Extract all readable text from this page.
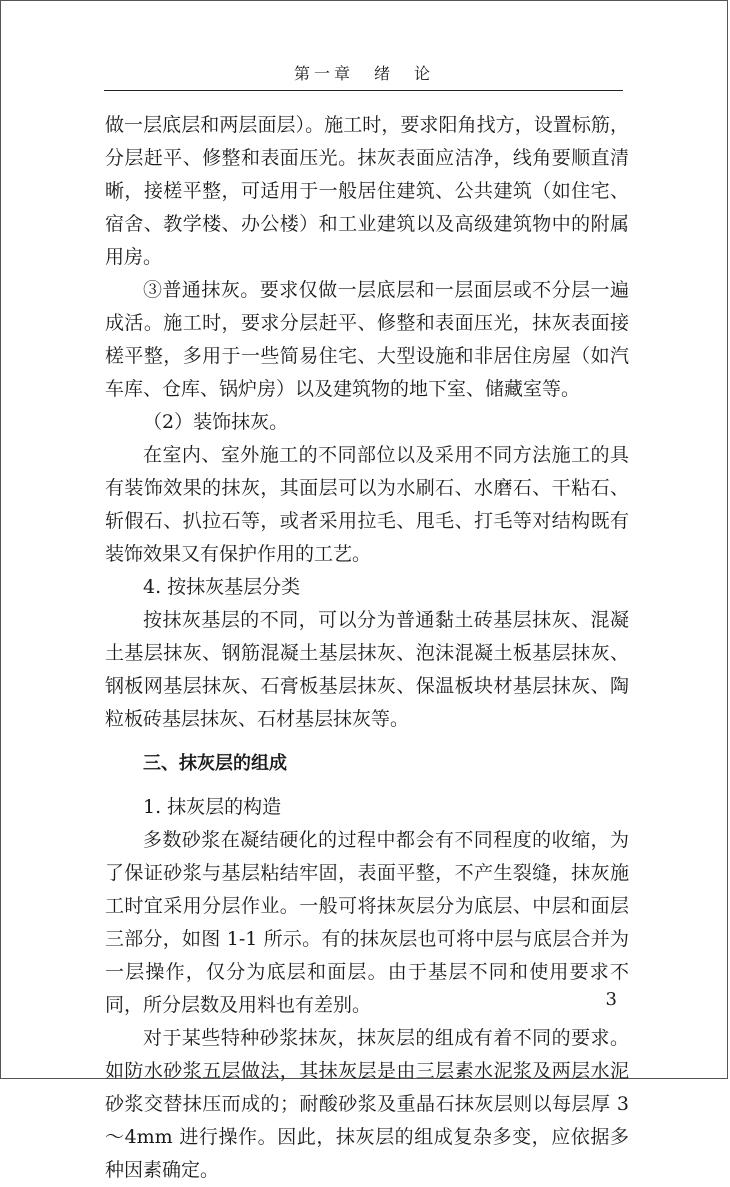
第一章　绪　论

做一层底层和两层面层）。施工时，要求阳角找方，设置标筋，分层赶平、修整和表面压光。抹灰表面应洁净，线角要顺直清晰，接槎平整，可适用于一般居住建筑、公共建筑（如住宅、宿舍、教学楼、办公楼）和工业建筑以及高级建筑物中的附属用房。

③普通抹灰。要求仅做一层底层和一层面层或不分层一遍成活。施工时，要求分层赶平、修整和表面压光，抹灰表面接槎平整，多用于一些简易住宅、大型设施和非居住房屋（如汽车库、仓库、锅炉房）以及建筑物的地下室、储藏室等。

（2）装饰抹灰。

在室内、室外施工的不同部位以及采用不同方法施工的具有装饰效果的抹灰，其面层可以为水刷石、水磨石、干粘石、斩假石、扒拉石等，或者采用拉毛、甩毛、打毛等对结构既有装饰效果又有保护作用的工艺。

4. 按抹灰基层分类

按抹灰基层的不同，可以分为普通黏土砖基层抹灰、混凝土基层抹灰、钢筋混凝土基层抹灰、泡沫混凝土板基层抹灰、钢板网基层抹灰、石膏板基层抹灰、保温板块材基层抹灰、陶粒板砖基层抹灰、石材基层抹灰等。

三、抹灰层的组成

1. 抹灰层的构造

多数砂浆在凝结硬化的过程中都会有不同程度的收缩，为了保证砂浆与基层粘结牢固，表面平整，不产生裂缝，抹灰施工时宜采用分层作业。一般可将抹灰层分为底层、中层和面层三部分，如图 1-1 所示。有的抹灰层也可将中层与底层合并为一层操作，仅分为底层和面层。由于基层不同和使用要求不同，所分层数及用料也有差别。

对于某些特种砂浆抹灰，抹灰层的组成有着不同的要求。如防水砂浆五层做法，其抹灰层是由三层素水泥浆及两层水泥砂浆交替抹压而成的；耐酸砂浆及重晶石抹灰层则以每层厚 3～4mm 进行操作。因此，抹灰层的组成复杂多变，应依据多种因素确定。

3
